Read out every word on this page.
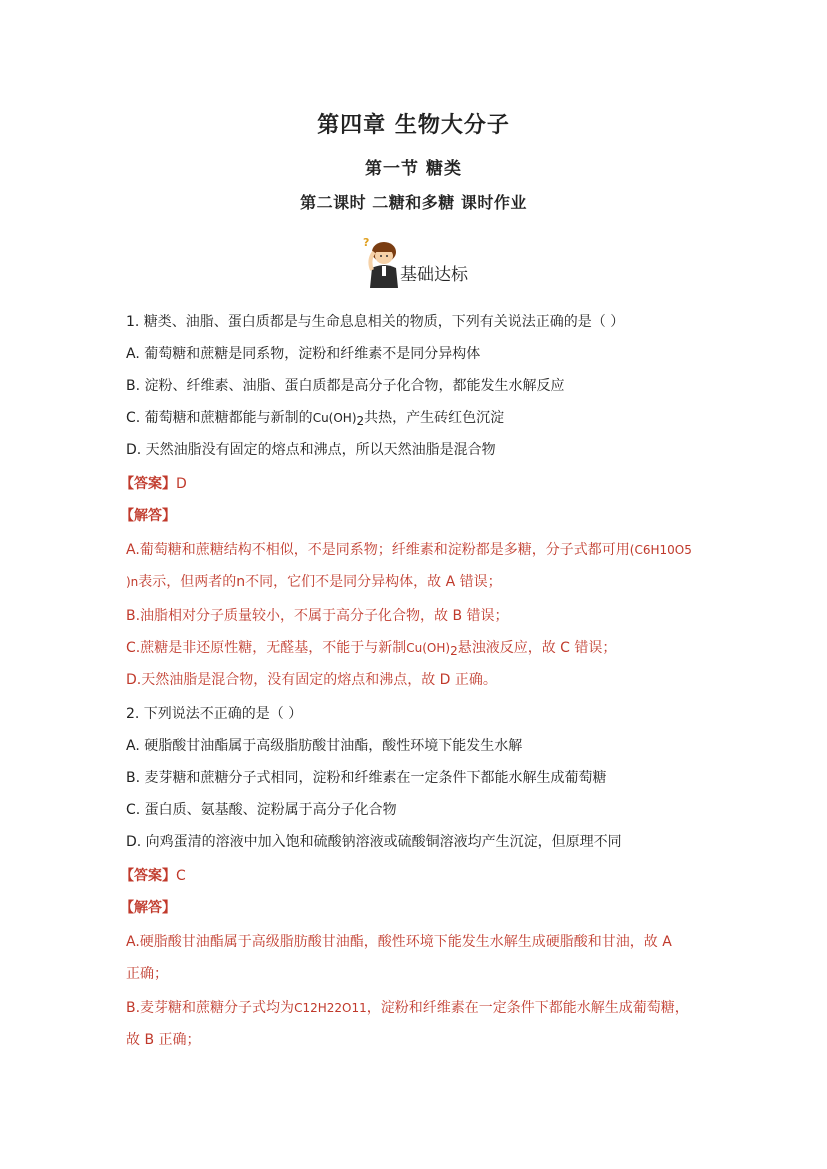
第四章 生物大分子
第一节 糖类
第二课时 二糖和多糖 课时作业
?
基础达标
1. 糖类、油脂、蛋白质都是与生命息息相关的物质，下列有关说法正确的是（ ）
A. 葡萄糖和蔗糖是同系物，淀粉和纤维素不是同分异构体
B. 淀粉、纤维素、油脂、蛋白质都是高分子化合物，都能发生水解反应
C. 葡萄糖和蔗糖都能与新制的Cu(OH)2共热，产生砖红色沉淀
D. 天然油脂没有固定的熔点和沸点，所以天然油脂是混合物
【答案】D
【解答】
A.葡萄糖和蔗糖结构不相似，不是同系物；纤维素和淀粉都是多糖，分子式都可用(C6H10O5
)n表示，但两者的n不同，它们不是同分异构体，故 A 错误；
B.油脂相对分子质量较小，不属于高分子化合物，故 B 错误；
C.蔗糖是非还原性糖，无醛基，不能于与新制Cu(OH)2悬浊液反应，故 C 错误；
D.天然油脂是混合物，没有固定的熔点和沸点，故 D 正确。
2. 下列说法不正确的是（ ）
A. 硬脂酸甘油酯属于高级脂肪酸甘油酯，酸性环境下能发生水解
B. 麦芽糖和蔗糖分子式相同，淀粉和纤维素在一定条件下都能水解生成葡萄糖
C. 蛋白质、氨基酸、淀粉属于高分子化合物
D. 向鸡蛋清的溶液中加入饱和硫酸钠溶液或硫酸铜溶液均产生沉淀，但原理不同
【答案】C
【解答】
A.硬脂酸甘油酯属于高级脂肪酸甘油酯，酸性环境下能发生水解生成硬脂酸和甘油，故 A
正确；
B.麦芽糖和蔗糖分子式均为C12H22O11，淀粉和纤维素在一定条件下都能水解生成葡萄糖，
故 B 正确；
